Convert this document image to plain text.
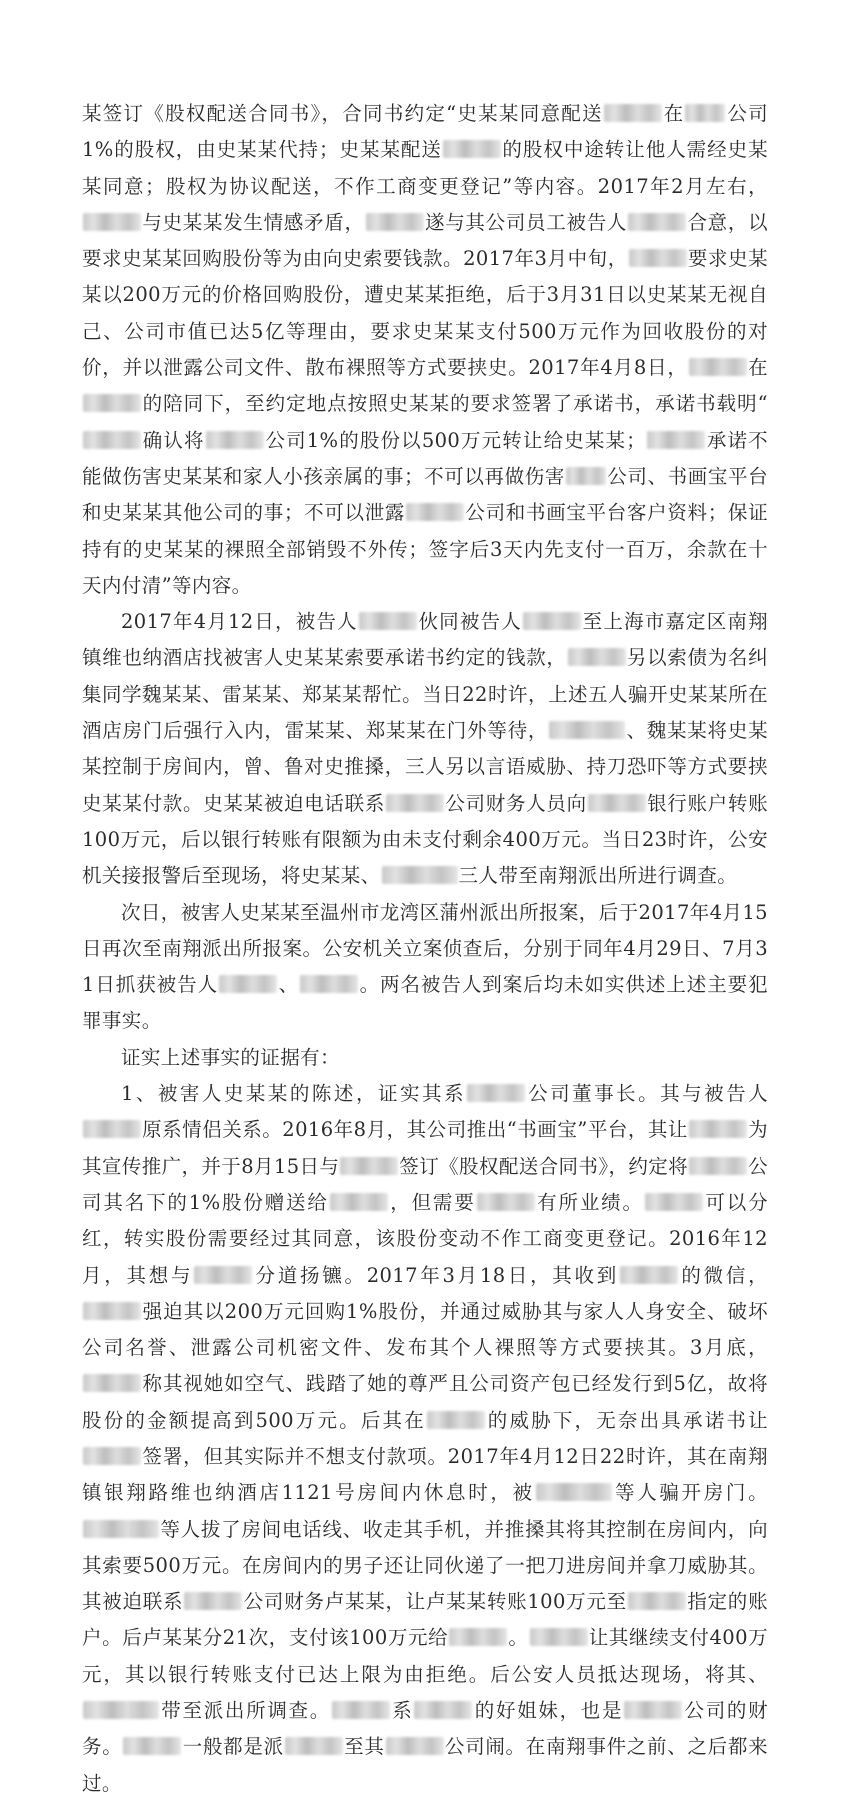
某签订《股权配送合同书》，合同书约定“史某某同意配送	在 公司1%的股权，由史某某代持；史某某配送	的股权中途转让他人需经史某某同意；股权为协议配送，不作工商变更登记”等内容。2017年2月左右，与史某某发生情感矛盾，	遂与其公司员工被告人	合意，以要求史某某回购股份等为由向史索要钱款。2017年3月中旬，	要求史某某以200万元的价格回购股份，遭史某某拒绝，后于3月31日以史某某无视自己、公司市值已达5亿等理由，要求史某某支付500万元作为回收股份的对价，并以泄露公司文件、散布裸照等方式要挟史。2017年4月8日，	在的陪同下，至约定地点按照史某某的要求签署了承诺书，承诺书载明“确认将	公司1%的股份以500万元转让给史某某；	承诺不能做伤害史某某和家人小孩亲属的事；不可以再做伤害 公司、书画宝平台和史某某其他公司的事；不可以泄露	公司和书画宝平台客户资料；保证持有的史某某的裸照全部销毁不外传；签字后3天内先支付一百万，余款在十天内付清”等内容。

2017年4月12日，被告人	伙同被告人	至上海市嘉定区南翔镇维也纳酒店找被害人史某某索要承诺书约定的钱款，	另以索债为名纠集同学魏某某、雷某某、郑某某帮忙。当日22时许，上述五人骗开史某某所在酒店房门后强行入内，雷某某、郑某某在门外等待，	、魏某某将史某某控制于房间内，曾、鲁对史推搡，三人另以言语威胁、持刀恐吓等方式要挟史某某付款。史某某被迫电话联系	公司财务人员向	银行账户转账100万元，后以银行转账有限额为由未支付剩余400万元。当日23时许，公安机关接报警后至现场，将史某某、	三人带至南翔派出所进行调查。

次日，被害人史某某至温州市龙湾区蒲州派出所报案，后于2017年4月15日再次至南翔派出所报案。公安机关立案侦查后，分别于同年4月29日、7月31日抓获被告人	、	。两名被告人到案后均未如实供述上述主要犯罪事实。

证实上述事实的证据有：

1、被害人史某某的陈述，证实其系	公司董事长。其与被告人原系情侣关系。2016年8月，其公司推出“书画宝”平台，其让	为其宣传推广，并于8月15日与	签订《股权配送合同书》，约定将	公司其名下的1%股份赠送给	，但需要	有所业绩。	可以分红，转实股份需要经过其同意，该股份变动不作工商变更登记。2016年12月，其想与	分道扬镳。2017年3月18日，其收到	的微信，强迫其以200万元回购1%股份，并通过威胁其与家人人身安全、破坏公司名誉、泄露公司机密文件、发布其个人裸照等方式要挟其。3月底，称其视她如空气、践踏了她的尊严且公司资产包已经发行到5亿，故将股份的金额提高到500万元。后其在	的威胁下，无奈出具承诺书让签署，但其实际并不想支付款项。2017年4月12日22时许，其在南翔镇银翔路维也纳酒店1121号房间内休息时，被	等人骗开房门。等人拔了房间电话线、收走其手机，并推搡其将其控制在房间内，向其索要500万元。在房间内的男子还让同伙递了一把刀进房间并拿刀威胁其。其被迫联系	公司财务卢某某，让卢某某转账100万元至	指定的账户。后卢某某分21次，支付该100万元给	。	让其继续支付400万元，其以银行转账支付已达上限为由拒绝。后公安人员抵达现场，将其、带至派出所调查。	系	的好姐妹，也是	公司的财务。	一般都是派	至其	公司闹。在南翔事件之前、之后都来过。
